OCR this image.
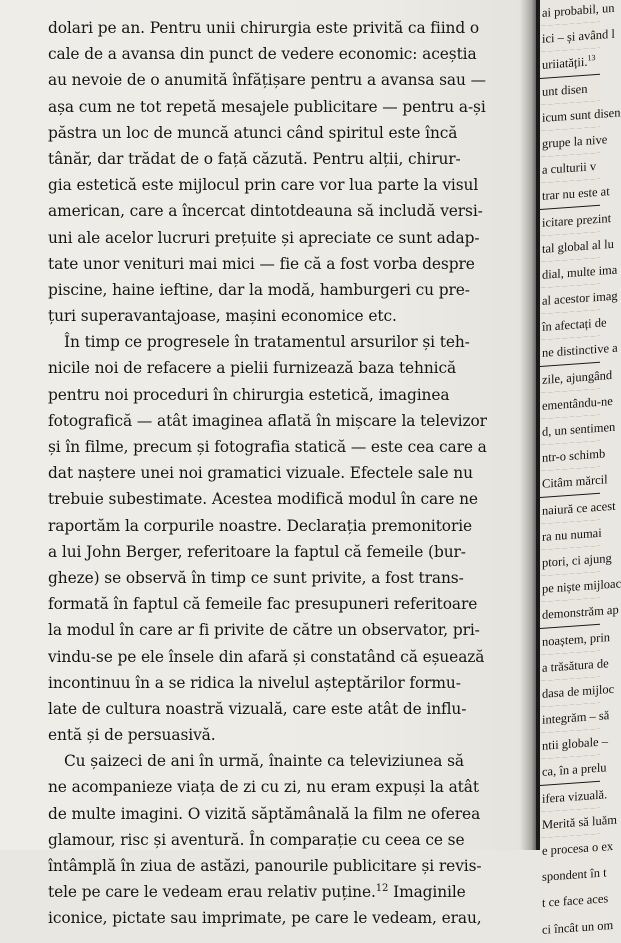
dolari pe an. Pentru unii chirurgia este privită ca fiind o
cale de a avansa din punct de vedere economic: aceștia
au nevoie de o anumită înfățișare pentru a avansa sau —
așa cum ne tot repetă mesajele publicitare — pentru a-și
păstra un loc de muncă atunci când spiritul este încă
tânăr, dar trădat de o față căzută. Pentru alții, chirur-
gia estetică este mijlocul prin care vor lua parte la visul
american, care a încercat dintotdeauna să includă versi-
uni ale acelor lucruri prețuite și apreciate ce sunt adap-
tate unor venituri mai mici — fie că a fost vorba despre
piscine, haine ieftine, dar la modă, hamburgeri cu pre-
țuri superavantajoase, mașini economice etc.
În timp ce progresele în tratamentul arsurilor și teh-
nicile noi de refacere a pielii furnizează baza tehnică
pentru noi proceduri în chirurgia estetică, imaginea
fotografică — atât imaginea aflată în mișcare la televizor
și în filme, precum și fotografia statică — este cea care a
dat naștere unei noi gramatici vizuale. Efectele sale nu
trebuie subestimate. Acestea modifică modul în care ne
raportăm la corpurile noastre. Declarația premonitorie
a lui John Berger, referitoare la faptul că femeile (bur-
gheze) se observă în timp ce sunt privite, a fost trans-
formată în faptul că femeile fac presupuneri referitoare
la modul în care ar fi privite de către un observator, pri-
vindu-se pe ele însele din afară și constatând că eșuează
incontinuu în a se ridica la nivelul așteptărilor formu-
late de cultura noastră vizuală, care este atât de influ-
entă și de persuasivă.
Cu șaizeci de ani în urmă, înainte ca televiziunea să
ne acompanieze viața de zi cu zi, nu eram expuși la atât
de multe imagini. O vizită săptămânală la film ne oferea
glamour, risc și aventură. În comparație cu ceea ce se
întâmplă în ziua de astăzi, panourile publicitare și revis-
tele pe care le vedeam erau relativ puține.$^{12}$ Imaginile
iconice, pictate sau imprimate, pe care le vedeam, erau,
ai probabil, un
ici – și având l
uriiatății.$^{13}$
unt disen
icum sunt disen
grupe la nive
a culturii v
trar nu este at
icitare prezint
tal global al lu
dial, multe ima
al acestor imag
în afectați de
ne distinctive a
zile, ajungând
ementându-ne
d, un sentimen
ntr-o schimb
Citâm mărcil
naiură ce acest
ra nu numai
ptori, ci ajung
pe niște mijloac
demonstrăm ap
noaștem, prin
a trăsătura de
dasa de mijloc
integrăm – să
ntii globale –
ca, în a prelu
ifera vizuală.
Merită să luăm
e procesa o ex
spondent în t
t ce face aces
ci încât un om
